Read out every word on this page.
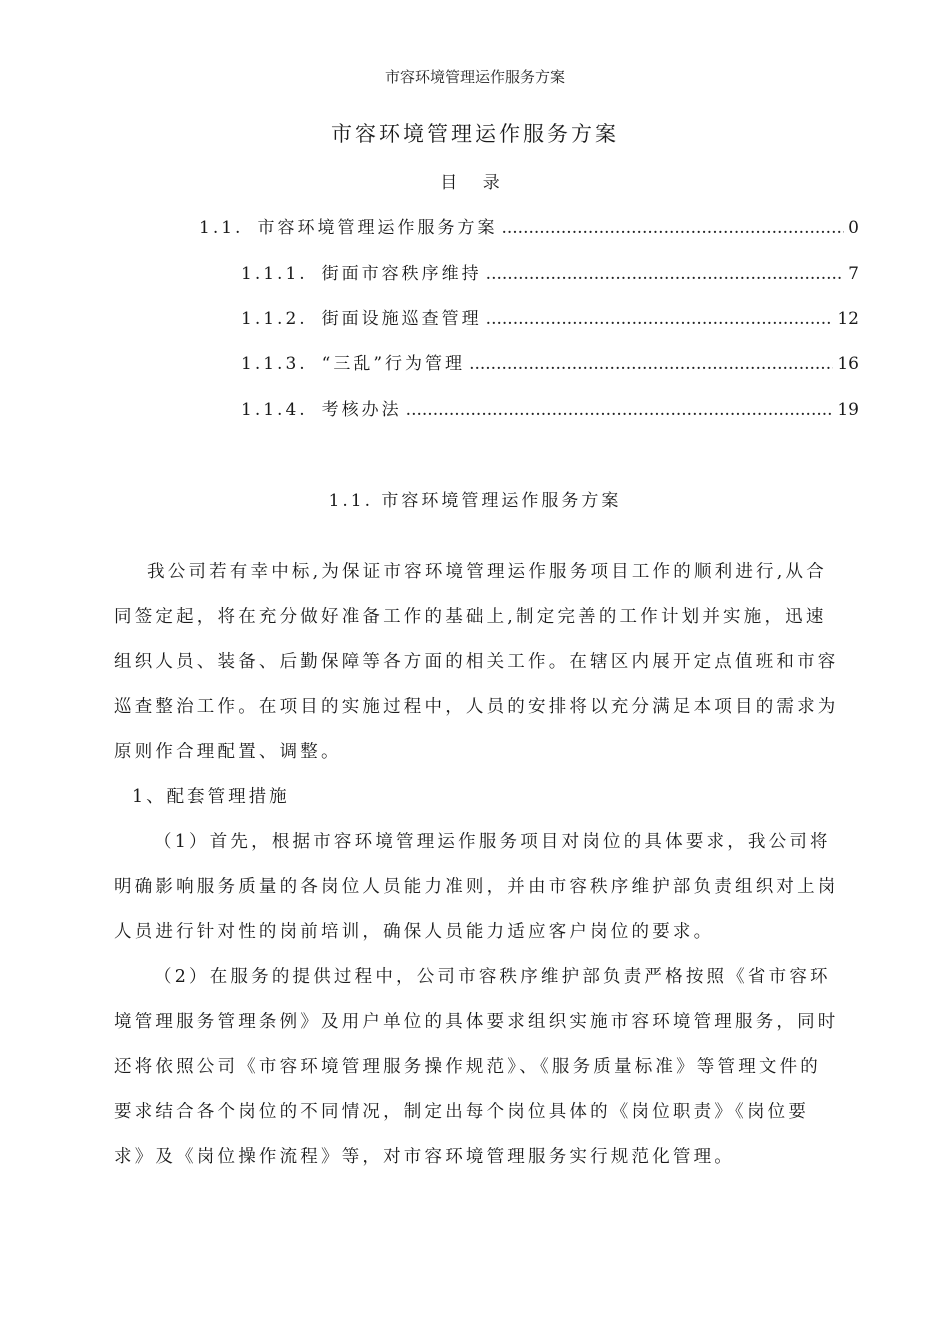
市容环境管理运作服务方案
市容环境管理运作服务方案
目 录
1.1. 市容环境管理运作服务方案 .....	0
1.1.1. 街面市容秩序维持 .....	7
1.1.2. 街面设施巡查管理 .....	12
1.1.3. “三乱”行为管理 .....	16
1.1.4. 考核办法 .....	19
1.1. 市容环境管理运作服务方案
我公司若有幸中标,为保证市容环境管理运作服务项目工作的顺利进行,从合
同签定起，将在充分做好准备工作的基础上,制定完善的工作计划并实施，迅速
组织人员、装备、后勤保障等各方面的相关工作。在辖区内展开定点值班和市容
巡查整治工作。在项目的实施过程中，人员的安排将以充分满足本项目的需求为
原则作合理配置、调整。
1、配套管理措施
（1）首先，根据市容环境管理运作服务项目对岗位的具体要求，我公司将
明确影响服务质量的各岗位人员能力准则，并由市容秩序维护部负责组织对上岗
人员进行针对性的岗前培训，确保人员能力适应客户岗位的要求。
（2）在服务的提供过程中，公司市容秩序维护部负责严格按照《省市容环
境管理服务管理条例》及用户单位的具体要求组织实施市容环境管理服务，同时
还将依照公司《市容环境管理服务操作规范》、《服务质量标准》等管理文件的
要求结合各个岗位的不同情况，制定出每个岗位具体的《岗位职责》《岗位要
求》及《岗位操作流程》等，对市容环境管理服务实行规范化管理。
